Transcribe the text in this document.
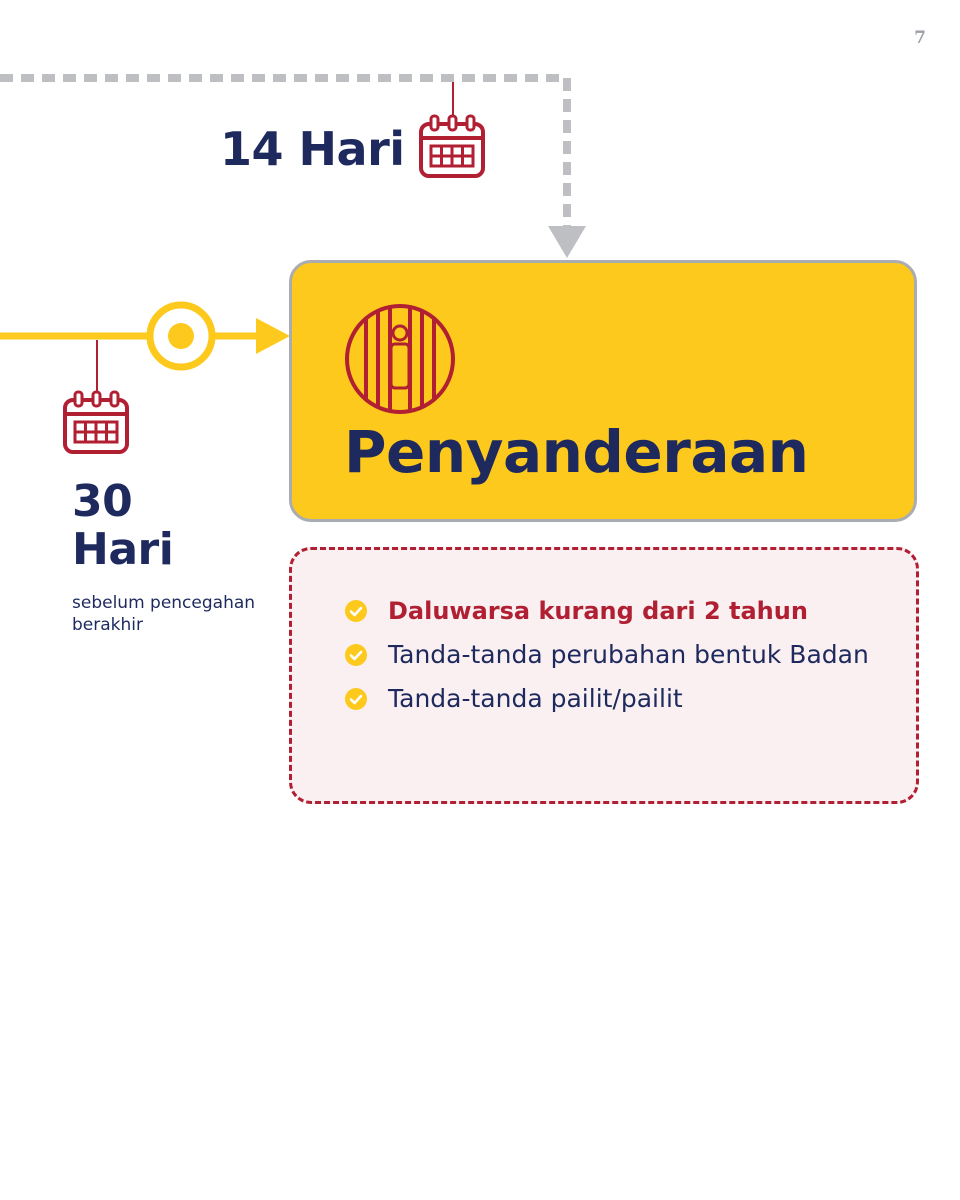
7
14 Hari
30
Hari
sebelum pencegahan berakhir
Penyanderaan
Daluwarsa kurang dari 2 tahun
Tanda-tanda perubahan bentuk Badan
Tanda-tanda pailit/pailit
